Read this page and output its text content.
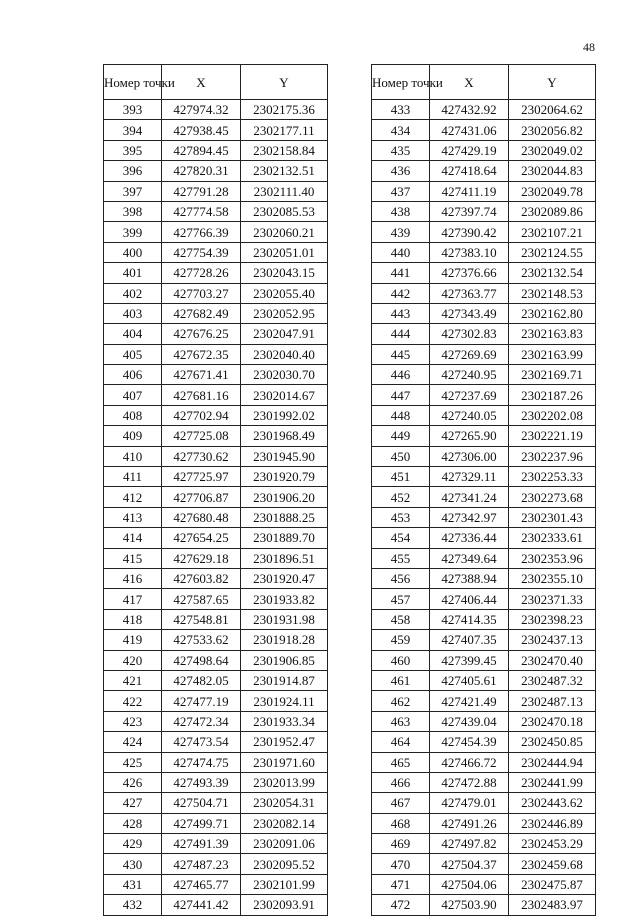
48
Номер точки	X	Y
393	427974.32	2302175.36
394	427938.45	2302177.11
395	427894.45	2302158.84
396	427820.31	2302132.51
397	427791.28	2302111.40
398	427774.58	2302085.53
399	427766.39	2302060.21
400	427754.39	2302051.01
401	427728.26	2302043.15
402	427703.27	2302055.40
403	427682.49	2302052.95
404	427676.25	2302047.91
405	427672.35	2302040.40
406	427671.41	2302030.70
407	427681.16	2302014.67
408	427702.94	2301992.02
409	427725.08	2301968.49
410	427730.62	2301945.90
411	427725.97	2301920.79
412	427706.87	2301906.20
413	427680.48	2301888.25
414	427654.25	2301889.70
415	427629.18	2301896.51
416	427603.82	2301920.47
417	427587.65	2301933.82
418	427548.81	2301931.98
419	427533.62	2301918.28
420	427498.64	2301906.85
421	427482.05	2301914.87
422	427477.19	2301924.11
423	427472.34	2301933.34
424	427473.54	2301952.47
425	427474.75	2301971.60
426	427493.39	2302013.99
427	427504.71	2302054.31
428	427499.71	2302082.14
429	427491.39	2302091.06
430	427487.23	2302095.52
431	427465.77	2302101.99
432	427441.42	2302093.91
Номер точки	X	Y
433	427432.92	2302064.62
434	427431.06	2302056.82
435	427429.19	2302049.02
436	427418.64	2302044.83
437	427411.19	2302049.78
438	427397.74	2302089.86
439	427390.42	2302107.21
440	427383.10	2302124.55
441	427376.66	2302132.54
442	427363.77	2302148.53
443	427343.49	2302162.80
444	427302.83	2302163.83
445	427269.69	2302163.99
446	427240.95	2302169.71
447	427237.69	2302187.26
448	427240.05	2302202.08
449	427265.90	2302221.19
450	427306.00	2302237.96
451	427329.11	2302253.33
452	427341.24	2302273.68
453	427342.97	2302301.43
454	427336.44	2302333.61
455	427349.64	2302353.96
456	427388.94	2302355.10
457	427406.44	2302371.33
458	427414.35	2302398.23
459	427407.35	2302437.13
460	427399.45	2302470.40
461	427405.61	2302487.32
462	427421.49	2302487.13
463	427439.04	2302470.18
464	427454.39	2302450.85
465	427466.72	2302444.94
466	427472.88	2302441.99
467	427479.01	2302443.62
468	427491.26	2302446.89
469	427497.82	2302453.29
470	427504.37	2302459.68
471	427504.06	2302475.87
472	427503.90	2302483.97
